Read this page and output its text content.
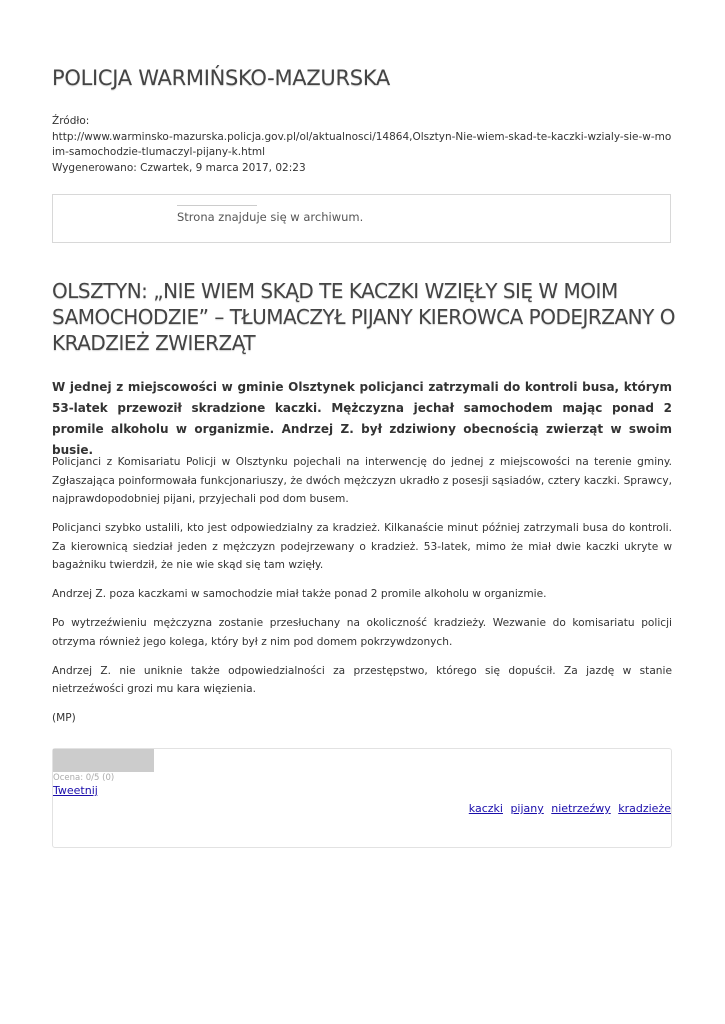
POLICJA WARMIŃSKO-MAZURSKA
Źródło:
http://www.warminsko-mazurska.policja.gov.pl/ol/aktualnosci/14864,Olsztyn-Nie-wiem-skad-te-kaczki-wzialy-sie-w-moim-samochodzie-tlumaczyl-pijany-k.html
Wygenerowano: Czwartek, 9 marca 2017, 02:23
Strona znajduje się w archiwum.
OLSZTYN: „NIE WIEM SKĄD TE KACZKI WZIĘŁY SIĘ W MOIM SAMOCHODZIE” – TŁUMACZYŁ PIJANY KIEROWCA PODEJRZANY O KRADZIEŻ ZWIERZĄT

W jednej z miejscowości w gminie Olsztynek policjanci zatrzymali do kontroli busa, którym 53-latek przewoził skradzione kaczki. Mężczyzna jechał samochodem mając ponad 2 promile alkoholu w organizmie. Andrzej Z. był zdziwiony obecnością zwierząt w swoim busie.

Policjanci z Komisariatu Policji w Olsztynku pojechali na interwencję do jednej z miejscowości na terenie gminy. Zgłaszająca poinformowała funkcjonariuszy, że dwóch mężczyzn ukradło z posesji sąsiadów, cztery kaczki. Sprawcy, najprawdopodobniej pijani, przyjechali pod dom busem.

Policjanci szybko ustalili, kto jest odpowiedzialny za kradzież. Kilkanaście minut później zatrzymali busa do kontroli. Za kierownicą siedział jeden z mężczyzn podejrzewany o kradzież. 53-latek, mimo że miał dwie kaczki ukryte w bagażniku twierdził, że nie wie skąd się tam wzięły.

Andrzej Z. poza kaczkami w samochodzie miał także ponad 2 promile alkoholu w organizmie.

Po wytrzeźwieniu mężczyzna zostanie przesłuchany na okoliczność kradzieży. Wezwanie do komisariatu policji otrzyma również jego kolega, który był z nim pod domem pokrzywdzonych.

Andrzej Z. nie uniknie także odpowiedzialności za przestępstwo, którego się dopuścił. Za jazdę w stanie nietrzeźwości grozi mu kara więzienia.

(MP)

Ocena: 0/5 (0)
Tweetnij
kaczki pijany nietrzeźwy kradzieże
